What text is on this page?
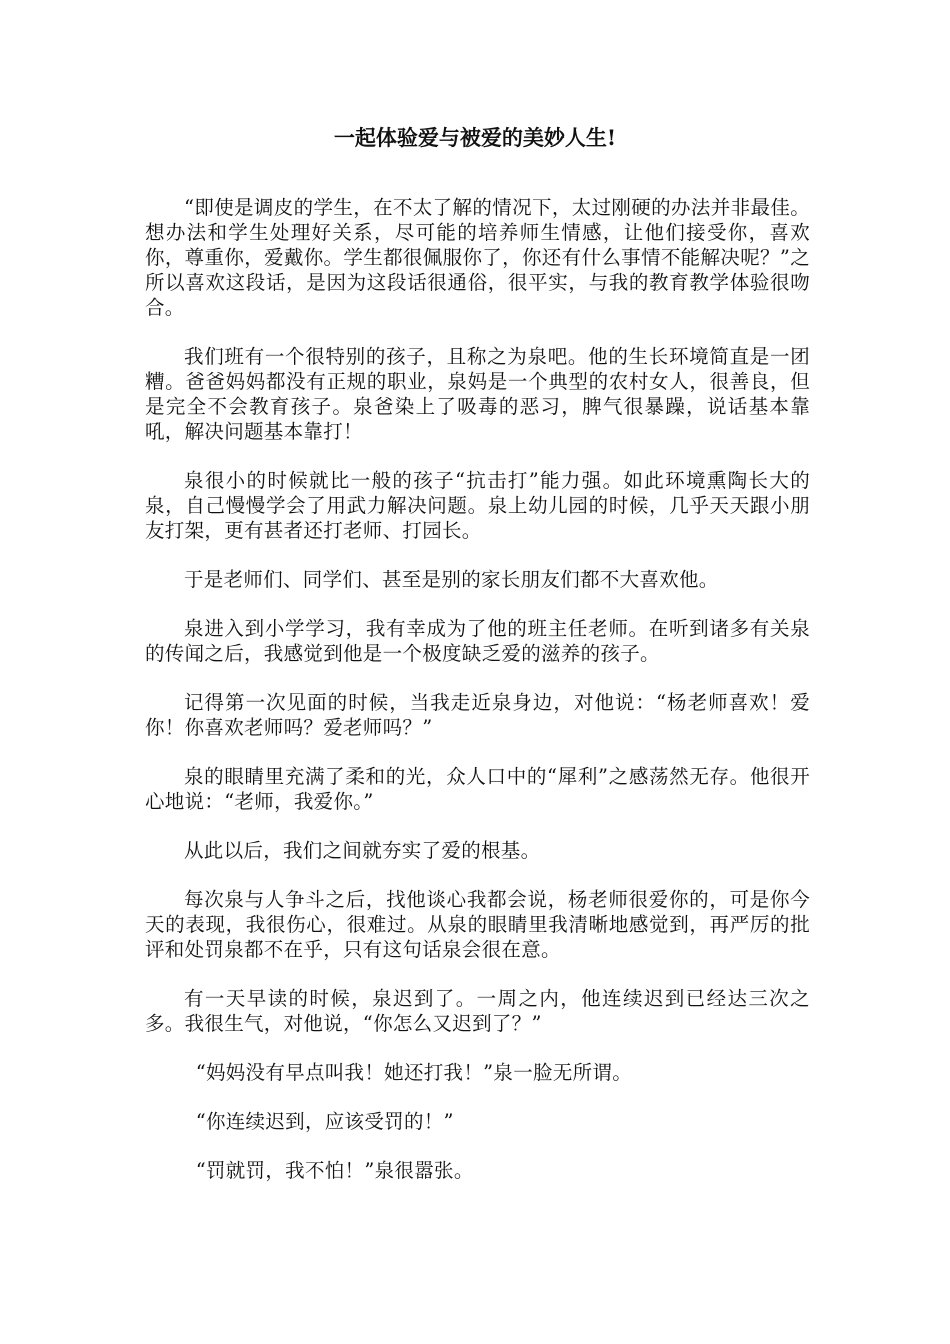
一起体验爱与被爱的美妙人生!

“即使是调皮的学生，在不太了解的情况下，太过刚硬的办法并非最佳。想办法和学生处理好关系，尽可能的培养师生情感，让他们接受你，喜欢你，尊重你，爱戴你。学生都很佩服你了，你还有什么事情不能解决呢？”之所以喜欢这段话，是因为这段话很通俗，很平实，与我的教育教学体验很吻合。

我们班有一个很特别的孩子，且称之为泉吧。他的生长环境简直是一团糟。爸爸妈妈都没有正规的职业，泉妈是一个典型的农村女人，很善良，但是完全不会教育孩子。泉爸染上了吸毒的恶习，脾气很暴躁，说话基本靠吼，解决问题基本靠打！

泉很小的时候就比一般的孩子“抗击打”能力强。如此环境熏陶长大的泉，自己慢慢学会了用武力解决问题。泉上幼儿园的时候，几乎天天跟小朋友打架，更有甚者还打老师、打园长。

于是老师们、同学们、甚至是别的家长朋友们都不大喜欢他。

泉进入到小学学习，我有幸成为了他的班主任老师。在听到诸多有关泉的传闻之后，我感觉到他是一个极度缺乏爱的滋养的孩子。

记得第一次见面的时候，当我走近泉身边，对他说：“杨老师喜欢！爱你！你喜欢老师吗？爱老师吗？”

泉的眼睛里充满了柔和的光，众人口中的“犀利”之感荡然无存。他很开心地说：“老师，我爱你。”

从此以后，我们之间就夯实了爱的根基。

每次泉与人争斗之后，找他谈心我都会说，杨老师很爱你的，可是你今天的表现，我很伤心，很难过。从泉的眼睛里我清晰地感觉到，再严厉的批评和处罚泉都不在乎，只有这句话泉会很在意。

有一天早读的时候，泉迟到了。一周之内，他连续迟到已经达三次之多。我很生气，对他说，“你怎么又迟到了？”

“妈妈没有早点叫我！她还打我！”泉一脸无所谓。

“你连续迟到，应该受罚的！”

“罚就罚，我不怕！”泉很嚣张。
